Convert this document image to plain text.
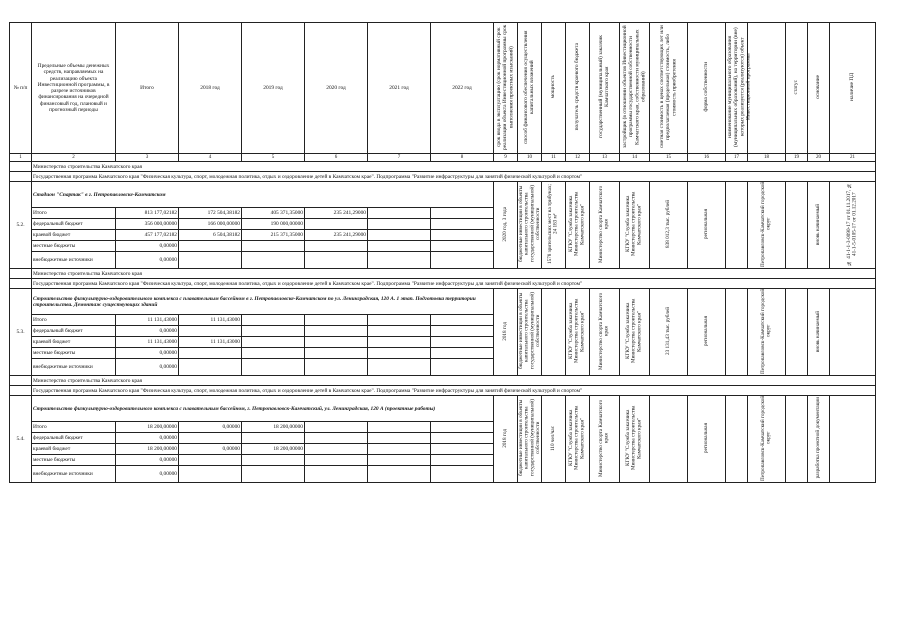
№ п/п	Предельные объемы денежных средств, направляемых на реализацию объекта Инвестиционной программы, в разрезе источников финансирования на очередной финансовый год, плановый и прогнозный периоды	Итого	2018 год	2019 год	2020 год	2021 год	2022 год	срок ввода в эксплуатацию (срок нормативный срок реализации объекта Инвестиционной программы срок выполнения проектных изысканий)	способ финансового обеспечения осуществления капитальных вложений	мощность	получатель средств краевого бюджета	государственный (муниципальный) заказчик Камчатского края	застройщик (в отношении объектов Инвестиционной программы государственной собственности Камчатского края, собственности муниципальных образований)	сметная стоимость в ценах соответствующих лет или предполагаемая (предельная) стоимость, либо стоимость приобретения	форма собственности	наименование муниципального образования (муниципальных образований), на территории (вне) которых реализуется (реализуются) объект Инвестиционной программы		статус	основание	наличие ПД
1	2	3	4	5	6	7	8	9	10	11	12	13	14	15	16	17	18	19	20	21
	Министерство строительства Камчатского края																			
	Государственная программа Камчатского края "Физическая культура, спорт, молодежная политика, отдых и оздоровление детей в Камчатском крае". Подпрограмма "Развитие инфраструктуры для занятий физической культурой и спортом"																			
5.2.	Стадион "Спартак" в г. Петропавловске-Камчатском							2020 год, 3 года	бюджетные инвестиции в объекты капитального строительства государственной (муниципальной) собственности	1578 зрительских мест на трибунах; 24 183 м²	КГКУ "Служба заказчика Министерства строительства Камчатского края"	Министерство спорта Камчатского края	КГКУ "Служба заказчика Министерства строительства Камчатского края"	838 012,3 тыс. рублей	региональная		Петропавловск-Камчатский городской округ		вновь начинаемый	№ 41-1-1-3-0090-17 от 01.11.2017, № 41-1-5-0105-17 от 01.12.2017
	Итого	813 177,02182	172 504,38182	405 371,35000	235 241,29000															
	федеральный бюджет	356 000,00000	166 000,00000	190 000,00000																
	краевой бюджет	457 177,02182	6 504,38182	215 371,35000	235 241,29000															
	местные бюджеты	0,00000																		
	внебюджетные источники	0,00000																		
	Министерство строительства Камчатского края																			
	Государственная программа Камчатского края "Физическая культура, спорт, молодежная политика, отдых и оздоровление детей в Камчатском крае". Подпрограмма "Развитие инфраструктуры для занятий физической культурой и спортом"																			
5.3.	Строительство физкультурно-оздоровительного комплекса с плавательным бассейном в г. Петропавловске-Камчатском по ул. Ленинградская, 120 А. 1 этап. Подготовка территории строительства. Демонтаж существующих зданий							2018 год	бюджетные инвестиции в объекты капитального строительства государственной (муниципальной) собственности		КГКУ "Служба заказчика Министерства строительства Камчатского края"	Министерство спорта Камчатского края	КГКУ "Служба заказчика Министерства строительства Камчатского края"	23 131,43 тыс. рублей	региональная		Петропавловск-Камчатский городской округ		вновь начинаемый	
	Итого	11 131,43000	11 131,43000																	
	федеральный бюджет	0,00000																		
	краевой бюджет	11 131,43000	11 131,43000																	
	местные бюджеты	0,00000																		
	внебюджетные источники	0,00000																		
	Министерство строительства Камчатского края																			
	Государственная программа Камчатского края "Физическая культура, спорт, молодежная политика, отдых и оздоровление детей в Камчатском крае". Подпрограмма "Развитие инфраструктуры для занятий физической культурой и спортом"																			
5.4.	Строительство физкультурно-оздоровительного комплекса с плавательным бассейном, г. Петропавловск-Камчатский, ул. Ленинградская, 120 А (проектные работы)							2018 год	бюджетные инвестиции в объекты капитального строительства государственной (муниципальной) собственности	110 чел/час	КГКУ "Служба заказчика Министерства строительства Камчатского края"	Министерство спорта Камчатского края	КГКУ "Служба заказчика Министерства строительства Камчатского края"		региональная		Петропавловск-Камчатский городской округ		разработка проектной документации	
	Итого	18 200,00000	0,00000	18 200,00000																
	федеральный бюджет	0,00000																		
	краевой бюджет	18 200,00000	0,00000	18 200,00000																
	местные бюджеты	0,00000																		
	внебюджетные источники	0,00000																		
